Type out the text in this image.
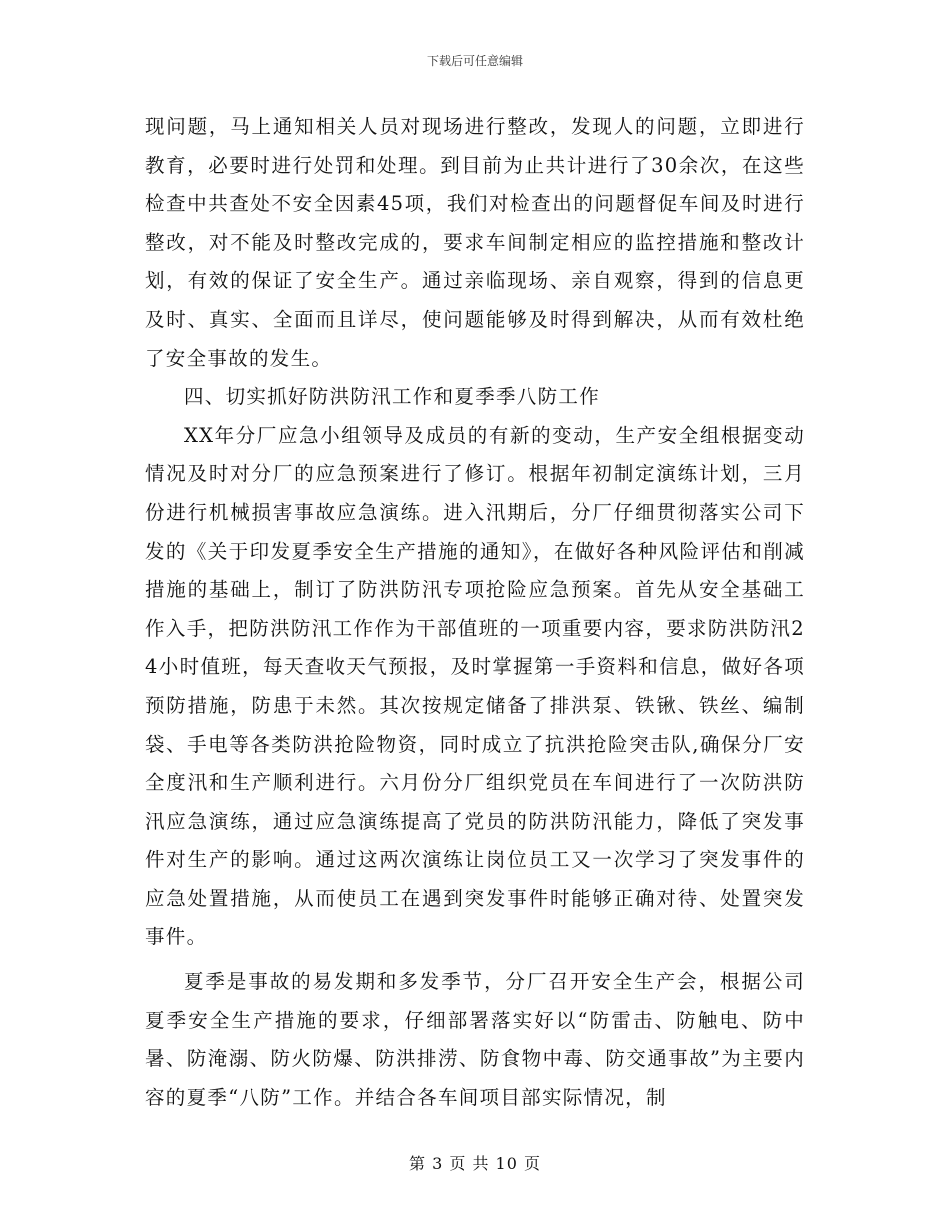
下载后可任意编辑

现问题，马上通知相关人员对现场进行整改，发现人的问题，立即进行教育，必要时进行处罚和处理。到目前为止共计进行了30余次，在这些检查中共查处不安全因素45项，我们对检查出的问题督促车间及时进行整改，对不能及时整改完成的，要求车间制定相应的监控措施和整改计划，有效的保证了安全生产。通过亲临现场、亲自观察，得到的信息更及时、真实、全面而且详尽，使问题能够及时得到解决，从而有效杜绝了安全事故的发生。

四、切实抓好防洪防汛工作和夏季季八防工作

XX年分厂应急小组领导及成员的有新的变动，生产安全组根据变动情况及时对分厂的应急预案进行了修订。根据年初制定演练计划，三月份进行机械损害事故应急演练。进入汛期后，分厂仔细贯彻落实公司下发的《关于印发夏季安全生产措施的通知》，在做好各种风险评估和削减措施的基础上，制订了防洪防汛专项抢险应急预案。首先从安全基础工作入手，把防洪防汛工作作为干部值班的一项重要内容，要求防洪防汛24小时值班，每天查收天气预报，及时掌握第一手资料和信息，做好各项预防措施，防患于未然。其次按规定储备了排洪泵、铁锹、铁丝、编制袋、手电等各类防洪抢险物资，同时成立了抗洪抢险突击队,确保分厂安全度汛和生产顺利进行。六月份分厂组织党员在车间进行了一次防洪防汛应急演练，通过应急演练提高了党员的防洪防汛能力，降低了突发事件对生产的影响。通过这两次演练让岗位员工又一次学习了突发事件的应急处置措施，从而使员工在遇到突发事件时能够正确对待、处置突发事件。

夏季是事故的易发期和多发季节，分厂召开安全生产会，根据公司夏季安全生产措施的要求，仔细部署落实好以“防雷击、防触电、防中暑、防淹溺、防火防爆、防洪排涝、防食物中毒、防交通事故”为主要内容的夏季“八防”工作。并结合各车间项目部实际情况，制

第 3 页 共 10 页
